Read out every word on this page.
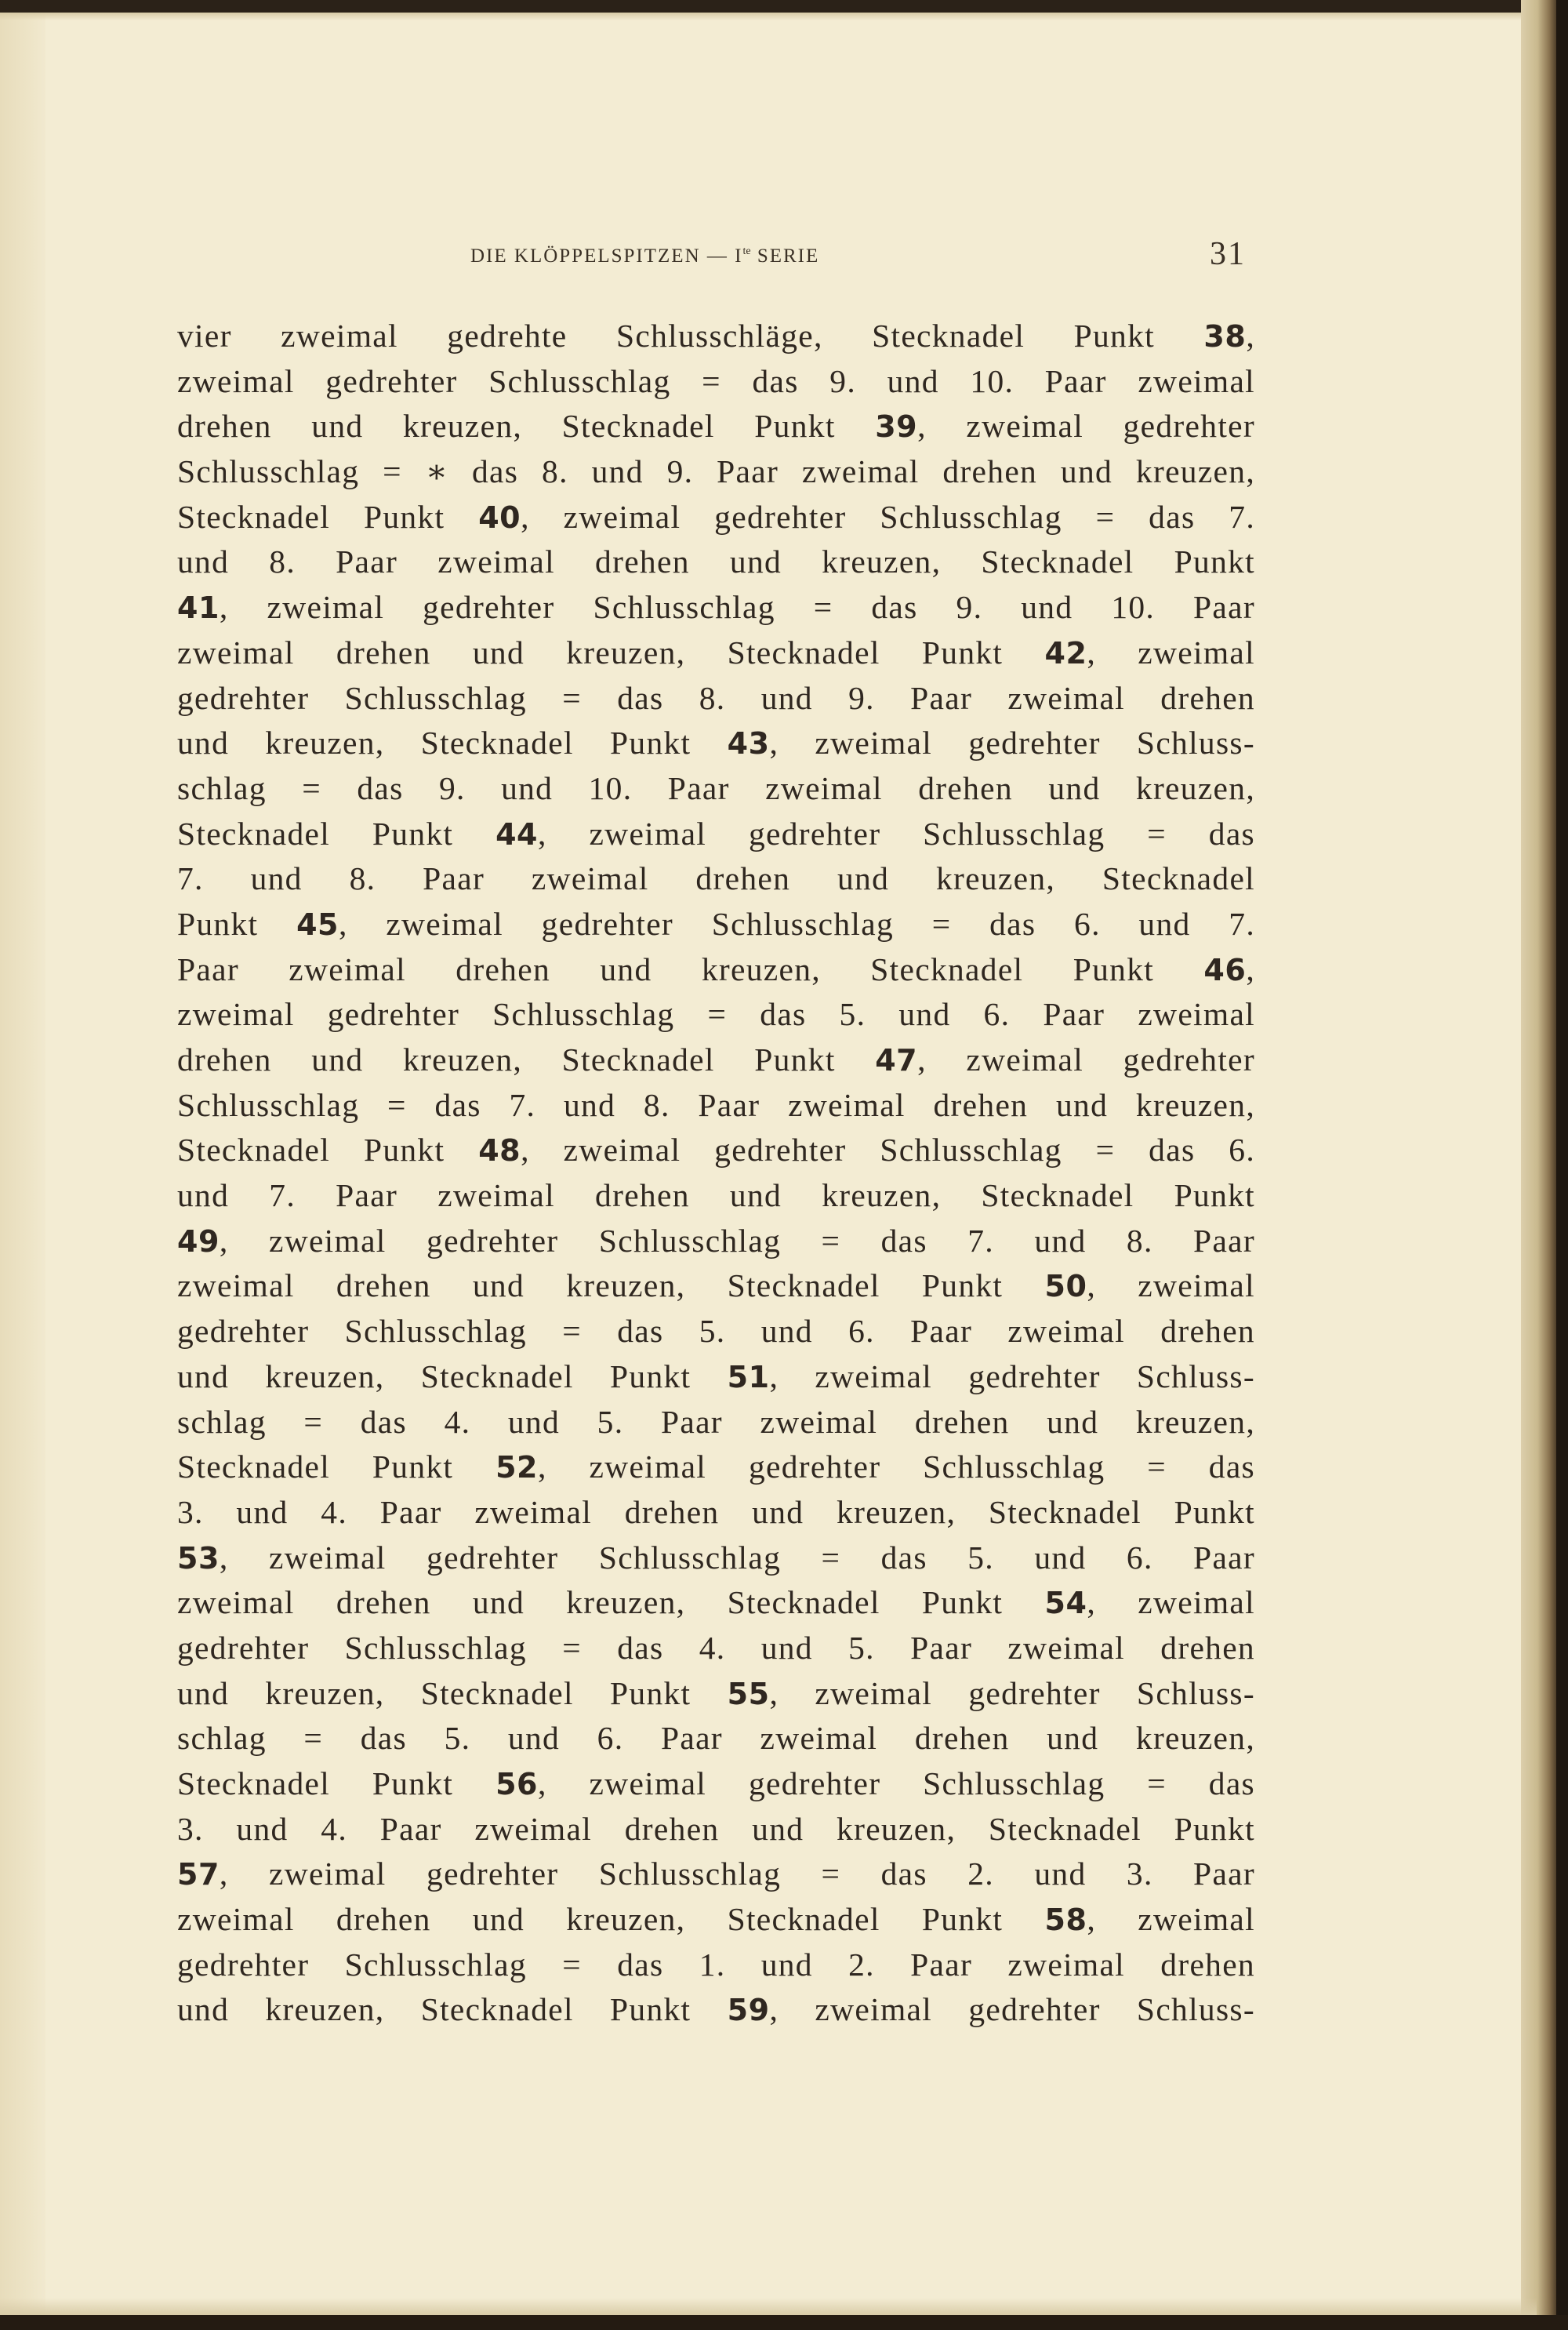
DIE KLÖPPELSPITZEN — $I^{te}$ SERIE	31
vier zweimal gedrehte Schlusschläge, Stecknadel Punkt 38,
zweimal gedrehter Schlusschlag = das 9. und 10. Paar zweimal
drehen und kreuzen, Stecknadel Punkt 39, zweimal gedrehter
Schlusschlag = ∗ das 8. und 9. Paar zweimal drehen und kreuzen,
Stecknadel Punkt 40, zweimal gedrehter Schlusschlag = das 7.
und 8. Paar zweimal drehen und kreuzen, Stecknadel Punkt
41, zweimal gedrehter Schlusschlag = das 9. und 10. Paar
zweimal drehen und kreuzen, Stecknadel Punkt 42, zweimal
gedrehter Schlusschlag = das 8. und 9. Paar zweimal drehen
und kreuzen, Stecknadel Punkt 43, zweimal gedrehter Schluss-
schlag = das 9. und 10. Paar zweimal drehen und kreuzen,
Stecknadel Punkt 44, zweimal gedrehter Schlusschlag = das
7. und 8. Paar zweimal drehen und kreuzen, Stecknadel
Punkt 45, zweimal gedrehter Schlusschlag = das 6. und 7.
Paar zweimal drehen und kreuzen, Stecknadel Punkt 46,
zweimal gedrehter Schlusschlag = das 5. und 6. Paar zweimal
drehen und kreuzen, Stecknadel Punkt 47, zweimal gedrehter
Schlusschlag = das 7. und 8. Paar zweimal drehen und kreuzen,
Stecknadel Punkt 48, zweimal gedrehter Schlusschlag = das 6.
und 7. Paar zweimal drehen und kreuzen, Stecknadel Punkt
49, zweimal gedrehter Schlusschlag = das 7. und 8. Paar
zweimal drehen und kreuzen, Stecknadel Punkt 50, zweimal
gedrehter Schlusschlag = das 5. und 6. Paar zweimal drehen
und kreuzen, Stecknadel Punkt 51, zweimal gedrehter Schluss-
schlag = das 4. und 5. Paar zweimal drehen und kreuzen,
Stecknadel Punkt 52, zweimal gedrehter Schlusschlag = das
3. und 4. Paar zweimal drehen und kreuzen, Stecknadel Punkt
53, zweimal gedrehter Schlusschlag = das 5. und 6. Paar
zweimal drehen und kreuzen, Stecknadel Punkt 54, zweimal
gedrehter Schlusschlag = das 4. und 5. Paar zweimal drehen
und kreuzen, Stecknadel Punkt 55, zweimal gedrehter Schluss-
schlag = das 5. und 6. Paar zweimal drehen und kreuzen,
Stecknadel Punkt 56, zweimal gedrehter Schlusschlag = das
3. und 4. Paar zweimal drehen und kreuzen, Stecknadel Punkt
57, zweimal gedrehter Schlusschlag = das 2. und 3. Paar
zweimal drehen und kreuzen, Stecknadel Punkt 58, zweimal
gedrehter Schlusschlag = das 1. und 2. Paar zweimal drehen
und kreuzen, Stecknadel Punkt 59, zweimal gedrehter Schluss-
